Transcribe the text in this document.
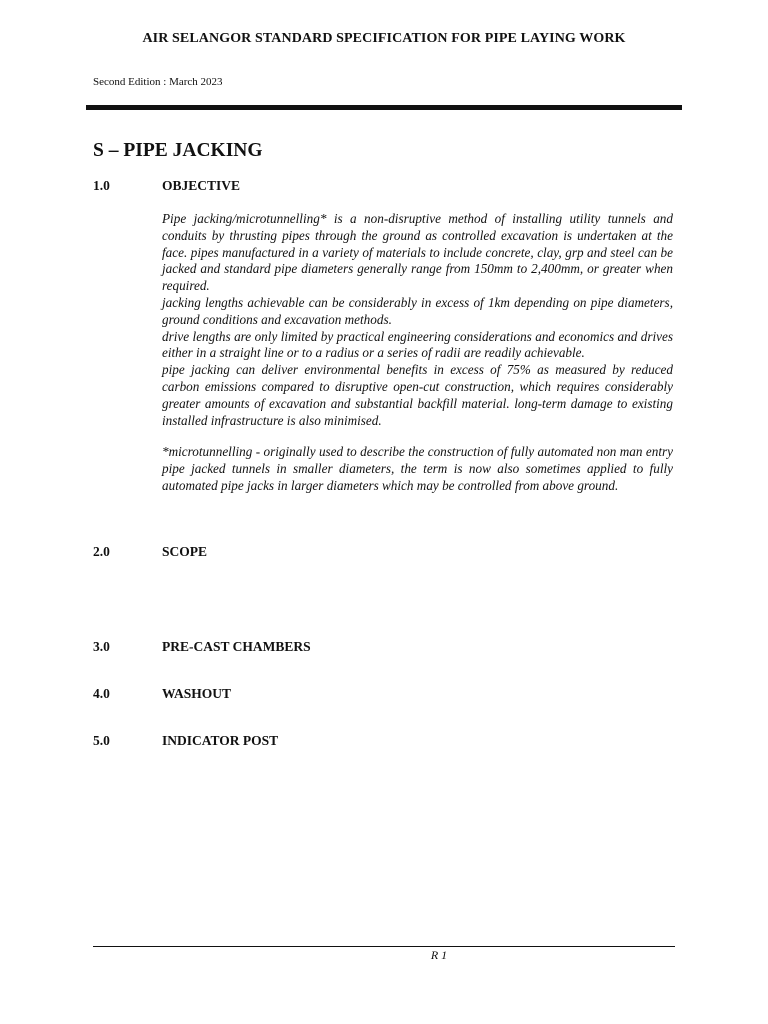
AIR SELANGOR STANDARD SPECIFICATION FOR PIPE LAYING WORK
Second Edition : March 2023
S – PIPE JACKING
1.0	OBJECTIVE

Pipe jacking/microtunnelling* is a non-disruptive method of installing utility tunnels and conduits by thrusting pipes through the ground as controlled excavation is undertaken at the face. pipes manufactured in a variety of materials to include concrete, clay, grp and steel can be jacked and standard pipe diameters generally range from 150mm to 2,400mm, or greater when required.

jacking lengths achievable can be considerably in excess of 1km depending on pipe diameters, ground conditions and excavation methods.

drive lengths are only limited by practical engineering considerations and economics and drives either in a straight line or to a radius or a series of radii are readily achievable.

pipe jacking can deliver environmental benefits in excess of 75% as measured by reduced carbon emissions compared to disruptive open-cut construction, which requires considerably greater amounts of excavation and substantial backfill material. long-term damage to existing installed infrastructure is also minimised.

*microtunnelling - originally used to describe the construction of fully automated non man entry pipe jacked tunnels in smaller diameters, the term is now also sometimes applied to fully automated pipe jacks in larger diameters which may be controlled from above ground.

2.0	SCOPE
3.0	PRE-CAST CHAMBERS
4.0	WASHOUT
5.0	INDICATOR POST
R 1
